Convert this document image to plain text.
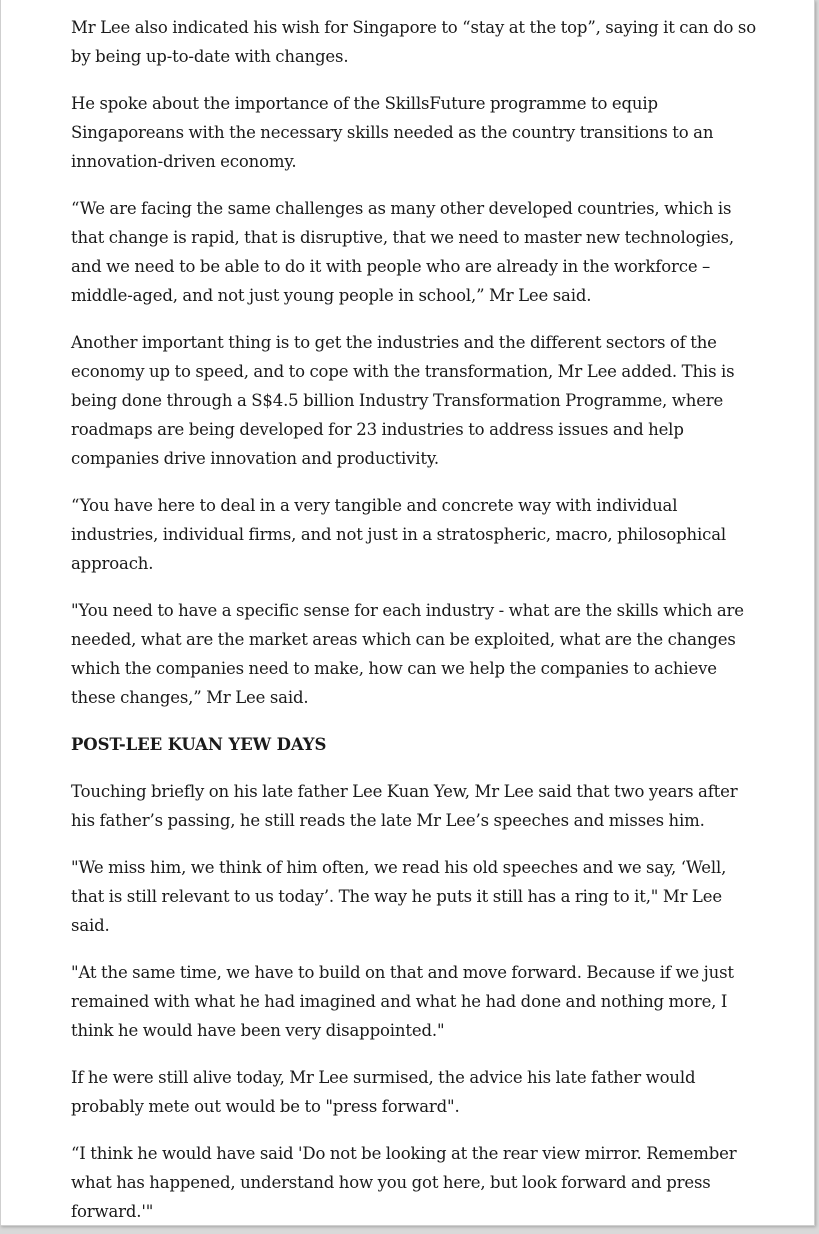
Mr Lee also indicated his wish for Singapore to “stay at the top”, saying it can do so by being up-to-date with changes.

He spoke about the importance of the SkillsFuture programme to equip Singaporeans with the necessary skills needed as the country transitions to an innovation-driven economy.

“We are facing the same challenges as many other developed countries, which is that change is rapid, that is disruptive, that we need to master new technologies, and we need to be able to do it with people who are already in the workforce – middle-aged, and not just young people in school,” Mr Lee said.

Another important thing is to get the industries and the different sectors of the economy up to speed, and to cope with the transformation, Mr Lee added. This is being done through a S$4.5 billion Industry Transformation Programme, where roadmaps are being developed for 23 industries to address issues and help companies drive innovation and productivity.

“You have here to deal in a very tangible and concrete way with individual industries, individual firms, and not just in a stratospheric, macro, philosophical approach.

"You need to have a specific sense for each industry - what are the skills which are needed, what are the market areas which can be exploited, what are the changes which the companies need to make, how can we help the companies to achieve these changes,” Mr Lee said.

POST-LEE KUAN YEW DAYS

Touching briefly on his late father Lee Kuan Yew, Mr Lee said that two years after his father’s passing, he still reads the late Mr Lee’s speeches and misses him.

"We miss him, we think of him often, we read his old speeches and we say, ‘Well, that is still relevant to us today’. The way he puts it still has a ring to it," Mr Lee said.

"At the same time, we have to build on that and move forward. Because if we just remained with what he had imagined and what he had done and nothing more, I think he would have been very disappointed."

If he were still alive today, Mr Lee surmised, the advice his late father would probably mete out would be to "press forward".

“I think he would have said 'Do not be looking at the rear view mirror. Remember what has happened, understand how you got here, but look forward and press forward.'"
